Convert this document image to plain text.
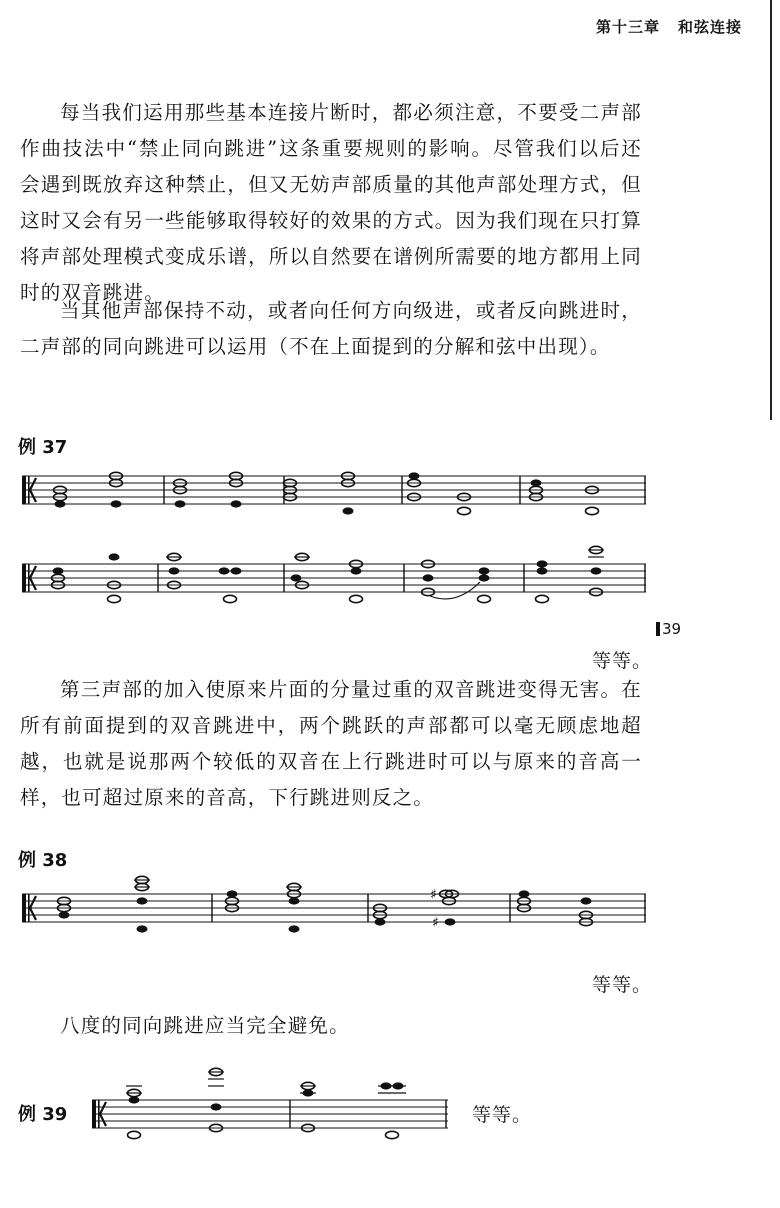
第十三章 和弦连接

每当我们运用那些基本连接片断时，都必须注意，不要受二声部作曲技法中“禁止同向跳进”这条重要规则的影响。尽管我们以后还会遇到既放弃这种禁止，但又无妨声部质量的其他声部处理方式，但这时又会有另一些能够取得较好的效果的方式。因为我们现在只打算将声部处理模式变成乐谱，所以自然要在谱例所需要的地方都用上同时的双音跳进。

当其他声部保持不动，或者向任何方向级进，或者反向跳进时，二声部的同向跳进可以运用（不在上面提到的分解和弦中出现）。

例 37
39
等等。

第三声部的加入使原来片面的分量过重的双音跳进变得无害。在所有前面提到的双音跳进中，两个跳跃的声部都可以毫无顾虑地超越，也就是说那两个较低的双音在上行跳进时可以与原来的音高一样，也可超过原来的音高，下行跳进则反之。

例 38
♯
♯
等等。

八度的同向跳进应当完全避免。

例 39	等等。
